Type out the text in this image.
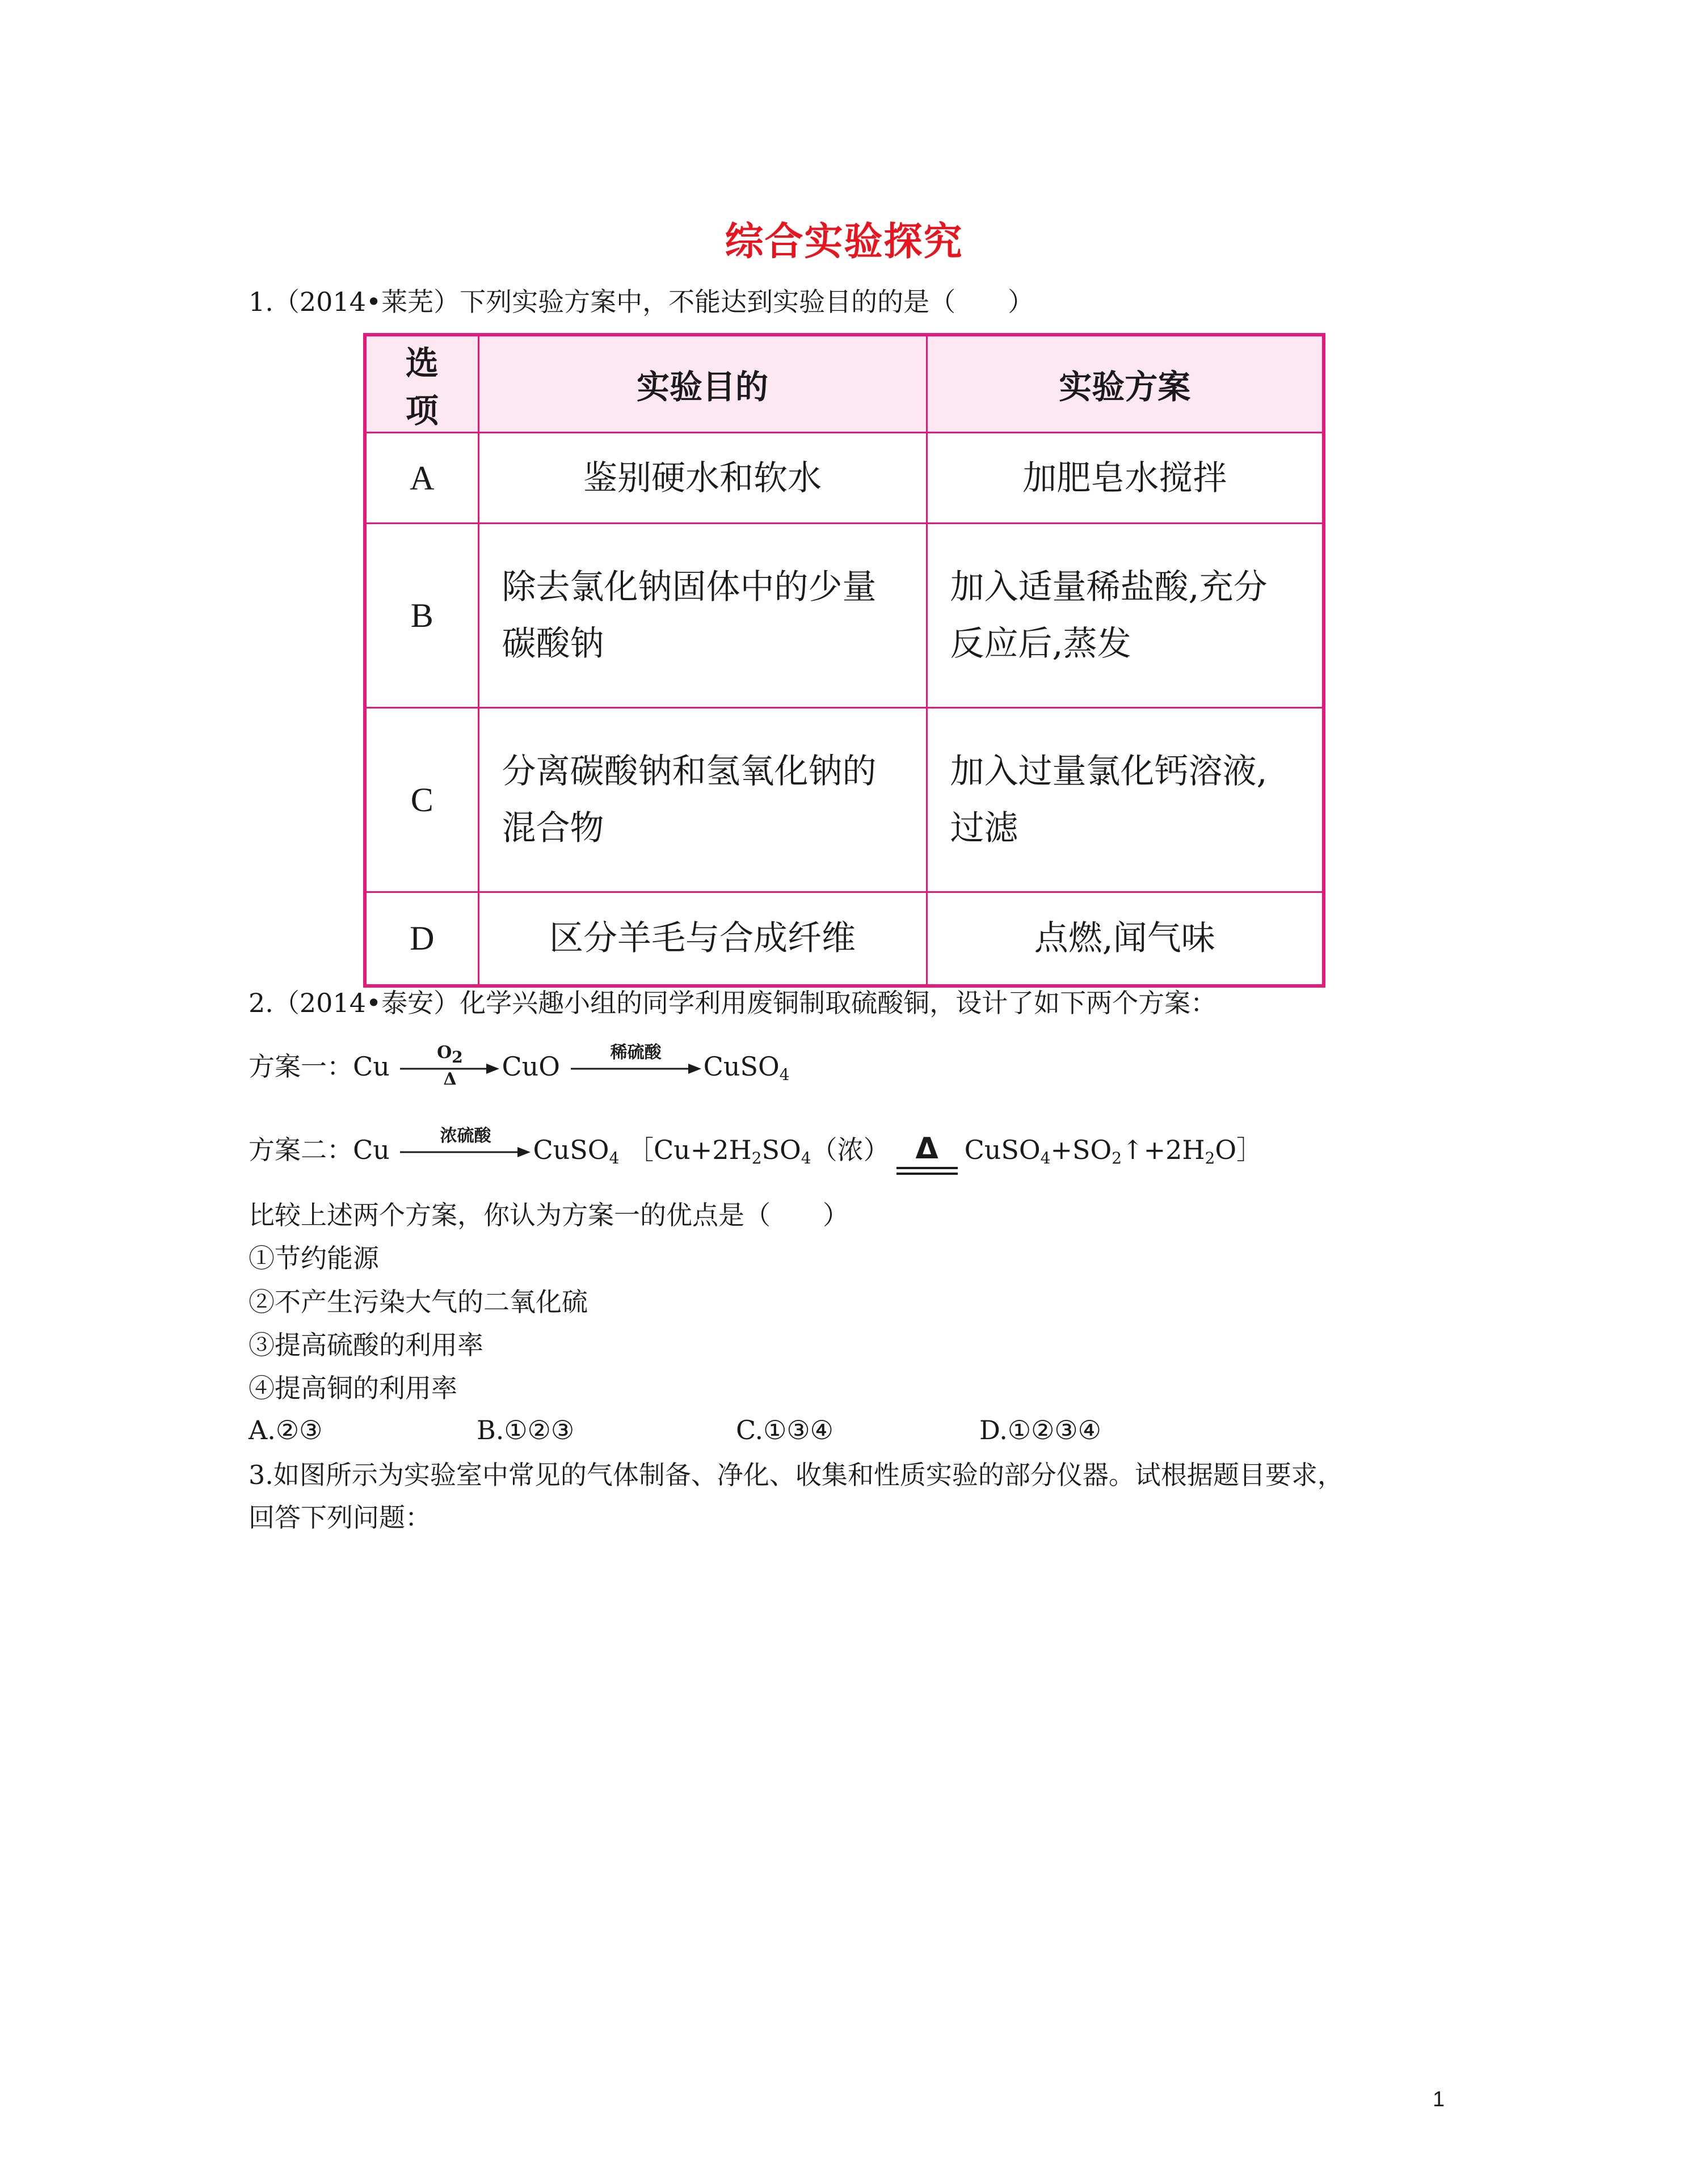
综合实验探究
1.（2014•莱芜）下列实验方案中，不能达到实验目的的是（　　）
选项	实验目的	实验方案
A	鉴别硬水和软水	加肥皂水搅拌
B	除去氯化钠固体中的少量碳酸钠	加入适量稀盐酸,充分反应后,蒸发
C	分离碳酸钠和氢氧化钠的混合物	加入过量氯化钙溶液,过滤
D	区分羊毛与合成纤维	点燃,闻气味
2.（2014•泰安）化学兴趣小组的同学利用废铜制取硫酸铜，设计了如下两个方案：
方案一：Cu	$O_2$
Δ	CuO	稀硫酸	CuSO$_4$
方案二：Cu	浓硫酸	CuSO$_4$ $[Cu+2H_2SO_4$（浓） Δ $CuSO_4+SO_2↑+2H_2O]$
比较上述两个方案，你认为方案一的优点是（　　）
①节约能源
②不产生污染大气的二氧化硫
③提高硫酸的利用率
④提高铜的利用率
A.②③	B.①②③	C.①③④	D.①②③④
3.如图所示为实验室中常见的气体制备、净化、收集和性质实验的部分仪器。试根据题目要求，
回答下列问题：
1
